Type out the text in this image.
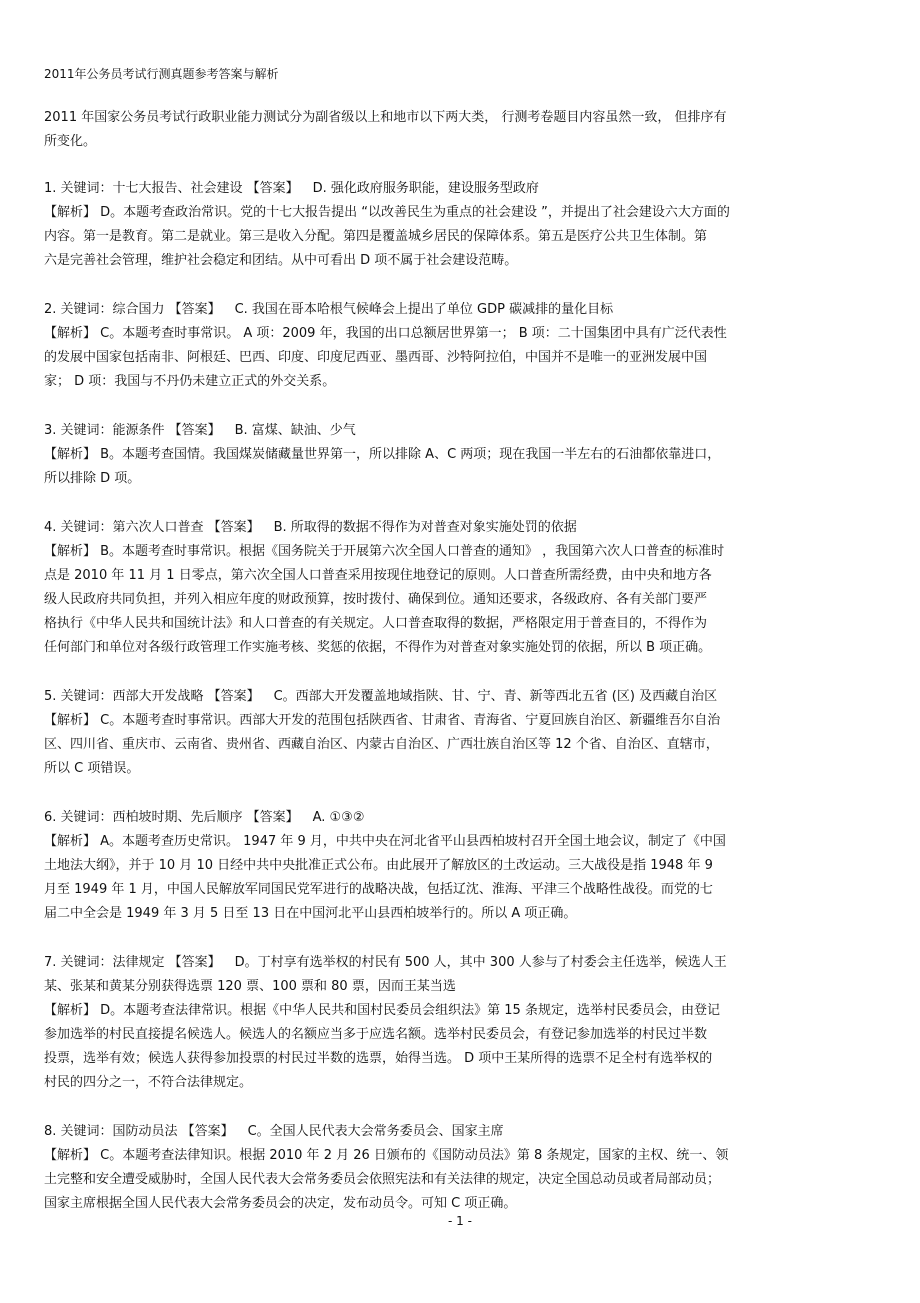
2011年公务员考试行测真题参考答案与解析

2011 年国家公务员考试行政职业能力测试分为副省级以上和地市以下两大类， 行测考卷题目内容虽然一致， 但排序有

所变化。

1. 关键词：十七大报告、社会建设 【答案】 D. 强化政府服务职能，建设服务型政府

【解析】 D。本题考查政治常识。党的十七大报告提出 “以改善民生为重点的社会建设 ”，并提出了社会建设六大方面的

内容。第一是教育。第二是就业。第三是收入分配。第四是覆盖城乡居民的保障体系。第五是医疗公共卫生体制。第

六是完善社会管理，维护社会稳定和团结。从中可看出 D 项不属于社会建设范畴。

2. 关键词：综合国力 【答案】 C. 我国在哥本哈根气候峰会上提出了单位 GDP 碳减排的量化目标

【解析】 C。本题考查时事常识。 A 项：2009 年，我国的出口总额居世界第一； B 项：二十国集团中具有广泛代表性

的发展中国家包括南非、阿根廷、巴西、印度、印度尼西亚、墨西哥、沙特阿拉伯，中国并不是唯一的亚洲发展中国

家； D 项：我国与不丹仍未建立正式的外交关系。

3. 关键词：能源条件 【答案】 B. 富煤、缺油、少气

【解析】 B。本题考查国情。我国煤炭储藏量世界第一，所以排除 A、C 两项；现在我国一半左右的石油都依靠进口，

所以排除 D 项。

4. 关键词：第六次人口普查 【答案】 B. 所取得的数据不得作为对普查对象实施处罚的依据

【解析】 B。本题考查时事常识。根据《国务院关于开展第六次全国人口普查的通知》 ，我国第六次人口普查的标准时

点是 2010 年 11 月 1 日零点，第六次全国人口普查采用按现住地登记的原则。人口普查所需经费，由中央和地方各

级人民政府共同负担，并列入相应年度的财政预算，按时拨付、确保到位。通知还要求，各级政府、各有关部门要严

格执行《中华人民共和国统计法》和人口普查的有关规定。人口普查取得的数据，严格限定用于普查目的，不得作为

任何部门和单位对各级行政管理工作实施考核、奖惩的依据，不得作为对普查对象实施处罚的依据，所以 B 项正确。

5. 关键词：西部大开发战略 【答案】 C。西部大开发覆盖地域指陕、甘、宁、青、新等西北五省 (区) 及西藏自治区

【解析】 C。本题考查时事常识。西部大开发的范围包括陕西省、甘肃省、青海省、宁夏回族自治区、新疆维吾尔自治

区、四川省、重庆市、云南省、贵州省、西藏自治区、内蒙古自治区、广西壮族自治区等 12 个省、自治区、直辖市，

所以 C 项错误。

6. 关键词：西柏坡时期、先后顺序 【答案】 A. ①③②

【解析】 A。本题考查历史常识。 1947 年 9 月，中共中央在河北省平山县西柏坡村召开全国土地会议，制定了《中国

土地法大纲》，并于 10 月 10 日经中共中央批准正式公布。由此展开了解放区的土改运动。三大战役是指 1948 年 9

月至 1949 年 1 月，中国人民解放军同国民党军进行的战略决战，包括辽沈、淮海、平津三个战略性战役。而党的七

届二中全会是 1949 年 3 月 5 日至 13 日在中国河北平山县西柏坡举行的。所以 A 项正确。

7. 关键词：法律规定 【答案】 D。丁村享有选举权的村民有 500 人，其中 300 人参与了村委会主任选举，候选人王

某、张某和黄某分别获得选票 120 票、100 票和 80 票，因而王某当选

【解析】 D。本题考查法律常识。根据《中华人民共和国村民委员会组织法》第 15 条规定，选举村民委员会，由登记

参加选举的村民直接提名候选人。候选人的名额应当多于应选名额。选举村民委员会，有登记参加选举的村民过半数

投票，选举有效；候选人获得参加投票的村民过半数的选票，始得当选。 D 项中王某所得的选票不足全村有选举权的

村民的四分之一，不符合法律规定。

8. 关键词：国防动员法 【答案】 C。全国人民代表大会常务委员会、国家主席

【解析】 C。本题考查法律知识。根据 2010 年 2 月 26 日颁布的《国防动员法》第 8 条规定，国家的主权、统一、领

土完整和安全遭受威胁时，全国人民代表大会常务委员会依照宪法和有关法律的规定，决定全国总动员或者局部动员；

国家主席根据全国人民代表大会常务委员会的决定，发布动员令。可知 C 项正确。

- 1 -
